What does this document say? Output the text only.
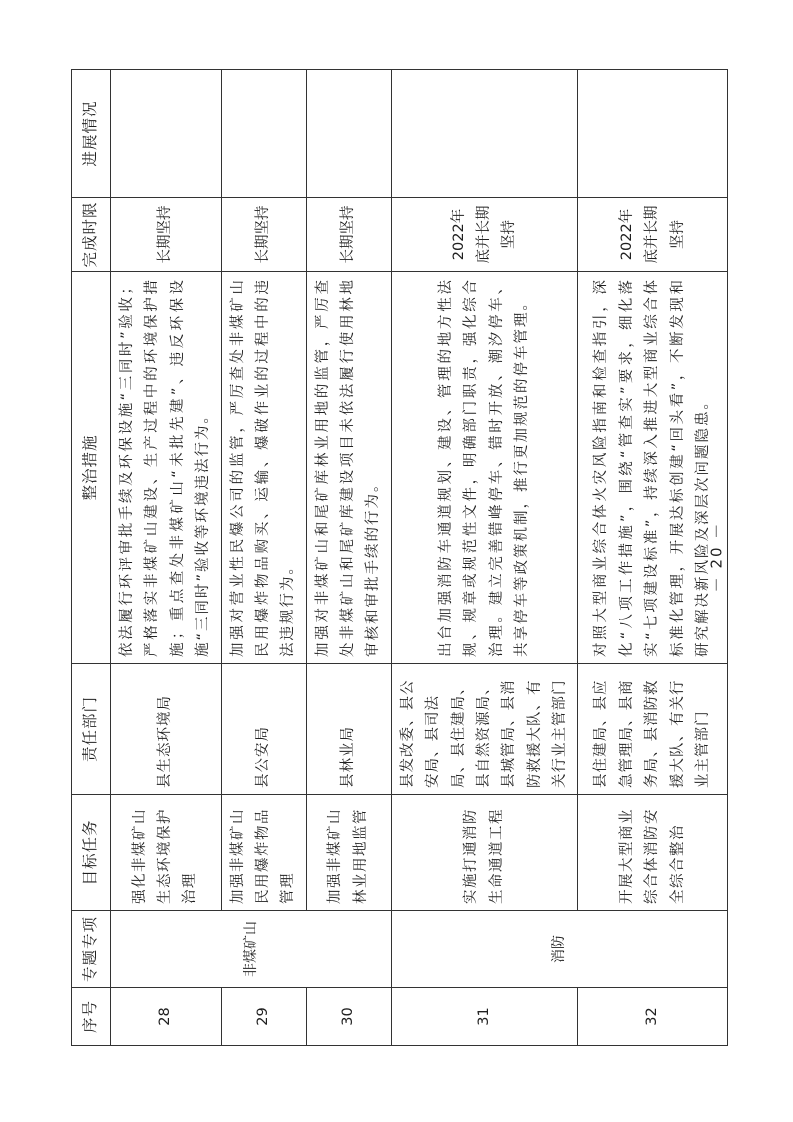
序号	专题专项	目标任务	责任部门	整治措施	完成时限	进展情况
28	非煤矿山	强化非煤矿山生态环境保护治理	县生态环境局	依法履行环评审批手续及环保设施“三同时”验收；严格落实非煤矿山建设、生产过程中的环境保护措施；重点查处非煤矿山“未批先建”、违反环保设施“三同时”验收等环境违法行为。	长期坚持	
29		加强非煤矿山民用爆炸物品管理	县公安局	加强对营业性民爆公司的监管，严厉查处非煤矿山民用爆炸物品购买、运输、爆破作业的过程中的违法违规行为。	长期坚持	
30		加强非煤矿山林业用地监管	县林业局	加强对非煤矿山和尾矿库林业用地的监管，严厉查处非煤矿山和尾矿库建设项目未依法履行使用林地审核和审批手续的行为。	长期坚持	
31	消防	实施打通消防生命通道工程	县发改委、县公安局、县司法局、县住建局、县自然资源局、县城管局、县消防救援大队、有关行业主管部门	出台加强消防车通道规划、建设、管理的地方性法规、规章或规范性文件，明确部门职责，强化综合治理。建立完善错峰停车、错时开放、潮汐停车、共享停车等政策机制，推行更加规范的停车管理。	2022年底并长期坚持	
32		开展大型商业综合体消防安全综合整治	县住建局、县应急管理局、县商务局、县消防救援大队、有关行业主管部门	对照大型商业综合体火灾风险指南和检查指引，深化“八项工作措施”，围绕“管查实”要求，细化落实“七项建设标准”，持续深入推进大型商业综合体标准化管理，开展达标创建“回头看”，不断发现和研究解决新风险及深层次问题隐患。	2022年底并长期坚持	
－ 20 －
